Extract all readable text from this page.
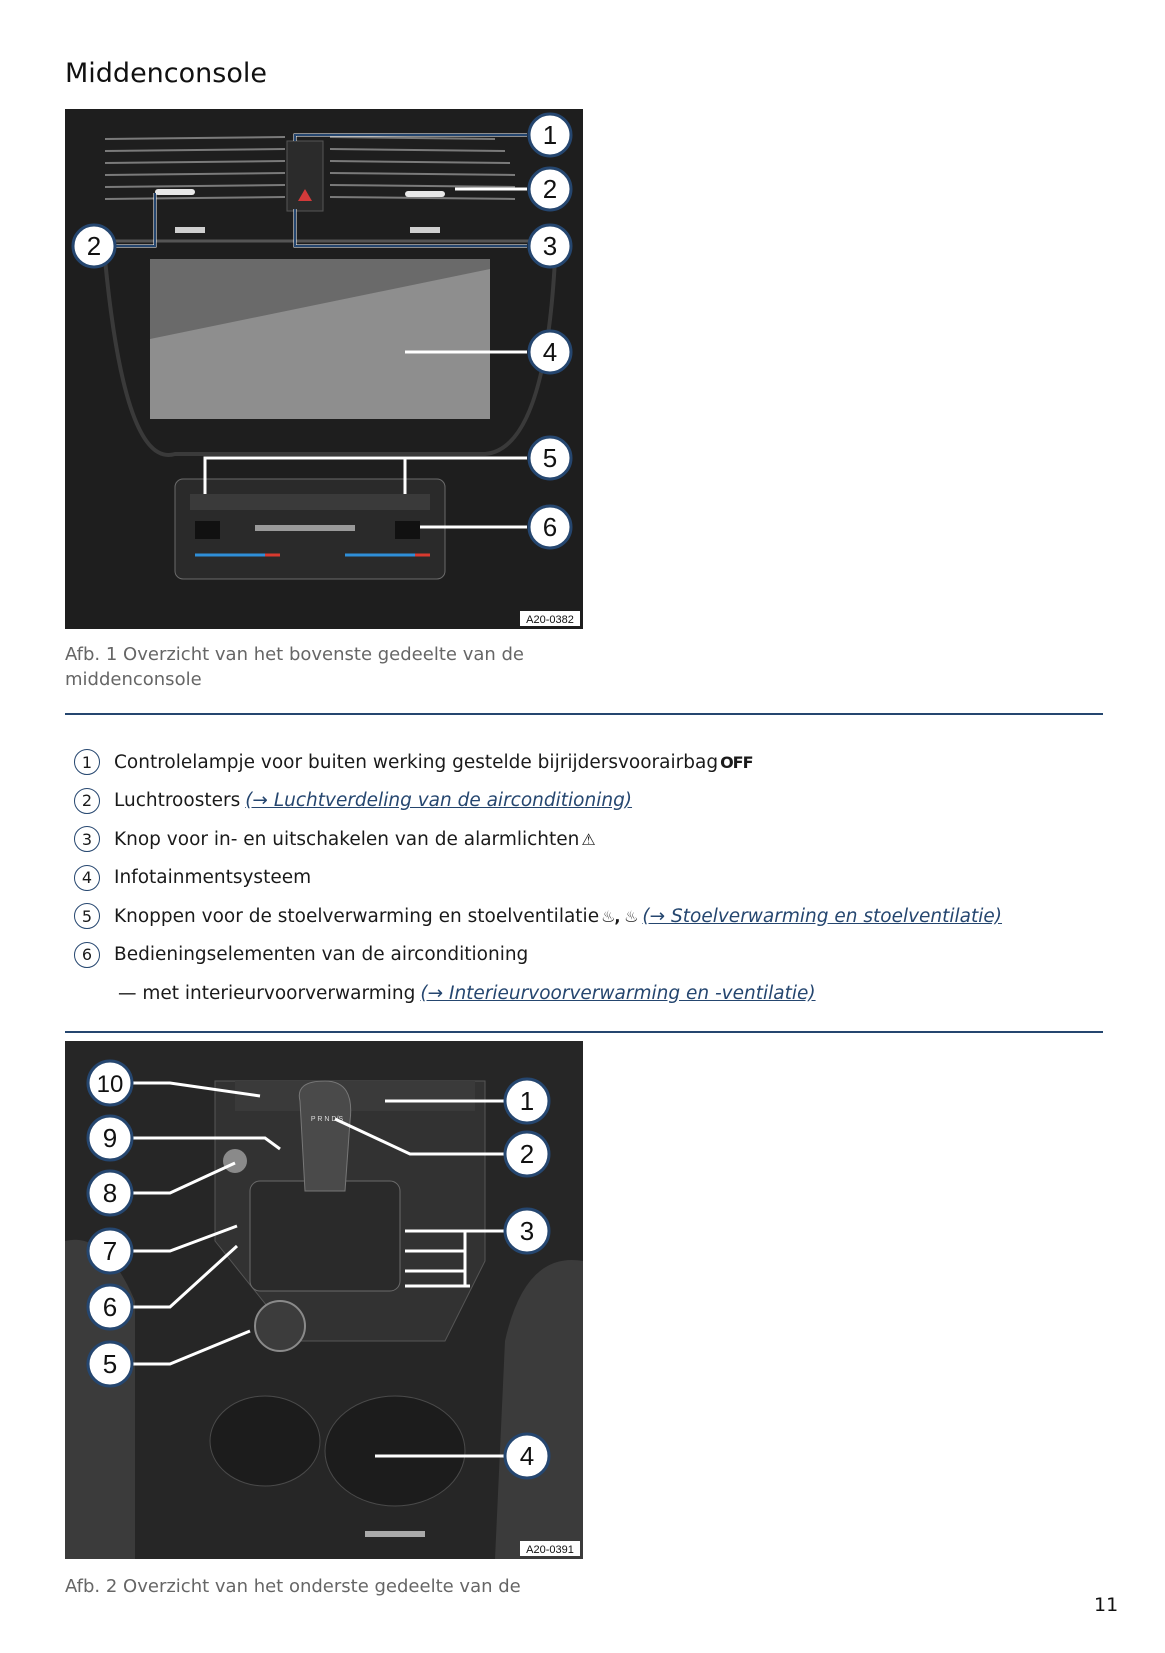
Middenconsole
1
2
2	3
4
5
6
A20-0382
Afb. 1 Overzicht van het bovenste gedeelte van de middenconsole
1	Controlelampje voor buiten werking gestelde bijrijdersvoorairbag OFF
2	Luchtroosters (→ Luchtverdeling van de airconditioning)
3	Knop voor in- en uitschakelen van de alarmlichten ⚠
4	Infotainmentsysteem
5	Knoppen voor de stoelverwarming en stoelventilatie ♨, ♨ (→ Stoelverwarming en stoelventilatie)
6	Bedieningselementen van de airconditioning
— met interieurvoorverwarming (→ Interieurvoorverwarming en -ventilatie)
P R N D/S
10
9
8
7
6
5
1
2
3
4
A20-0391
Afb. 2 Overzicht van het onderste gedeelte van de
11
